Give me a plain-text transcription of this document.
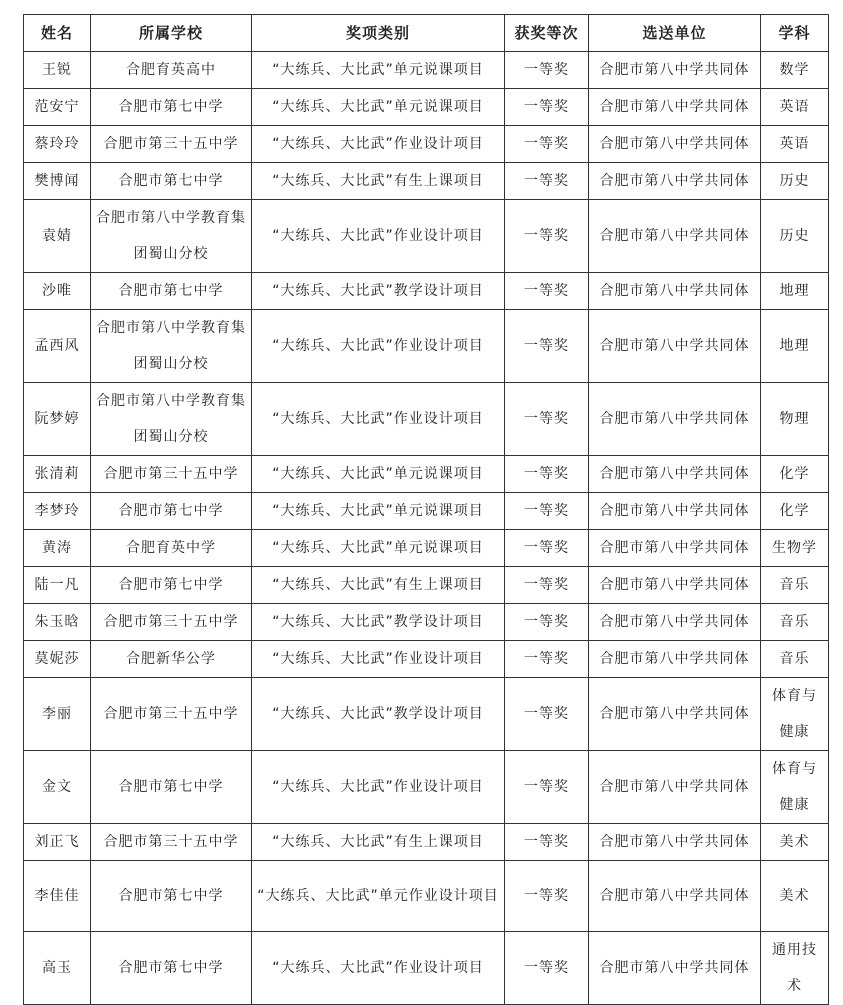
姓名	所属学校	奖项类别	获奖等次	选送单位	学科
王锐	合肥育英高中	“大练兵、大比武”单元说课项目	一等奖	合肥市第八中学共同体	数学
范安宁	合肥市第七中学	“大练兵、大比武”单元说课项目	一等奖	合肥市第八中学共同体	英语
蔡玲玲	合肥市第三十五中学	“大练兵、大比武”作业设计项目	一等奖	合肥市第八中学共同体	英语
樊博闻	合肥市第七中学	“大练兵、大比武”有生上课项目	一等奖	合肥市第八中学共同体	历史
袁婧	合肥市第八中学教育集团蜀山分校	“大练兵、大比武”作业设计项目	一等奖	合肥市第八中学共同体	历史
沙唯	合肥市第七中学	“大练兵、大比武”教学设计项目	一等奖	合肥市第八中学共同体	地理
孟西风	合肥市第八中学教育集团蜀山分校	“大练兵、大比武”作业设计项目	一等奖	合肥市第八中学共同体	地理
阮梦婷	合肥市第八中学教育集团蜀山分校	“大练兵、大比武”作业设计项目	一等奖	合肥市第八中学共同体	物理
张清莉	合肥市第三十五中学	“大练兵、大比武”单元说课项目	一等奖	合肥市第八中学共同体	化学
李梦玲	合肥市第七中学	“大练兵、大比武”单元说课项目	一等奖	合肥市第八中学共同体	化学
黄涛	合肥育英中学	“大练兵、大比武”单元说课项目	一等奖	合肥市第八中学共同体	生物学
陆一凡	合肥市第七中学	“大练兵、大比武”有生上课项目	一等奖	合肥市第八中学共同体	音乐
朱玉晗	合肥市第三十五中学	“大练兵、大比武”教学设计项目	一等奖	合肥市第八中学共同体	音乐
莫妮莎	合肥新华公学	“大练兵、大比武”作业设计项目	一等奖	合肥市第八中学共同体	音乐
李丽	合肥市第三十五中学	“大练兵、大比武”教学设计项目	一等奖	合肥市第八中学共同体	体育与健康
金文	合肥市第七中学	“大练兵、大比武”作业设计项目	一等奖	合肥市第八中学共同体	体育与健康
刘正飞	合肥市第三十五中学	“大练兵、大比武”有生上课项目	一等奖	合肥市第八中学共同体	美术
李佳佳	合肥市第七中学	“大练兵、大比武”单元作业设计项目	一等奖	合肥市第八中学共同体	美术
高玉	合肥市第七中学	“大练兵、大比武”作业设计项目	一等奖	合肥市第八中学共同体	通用技术
